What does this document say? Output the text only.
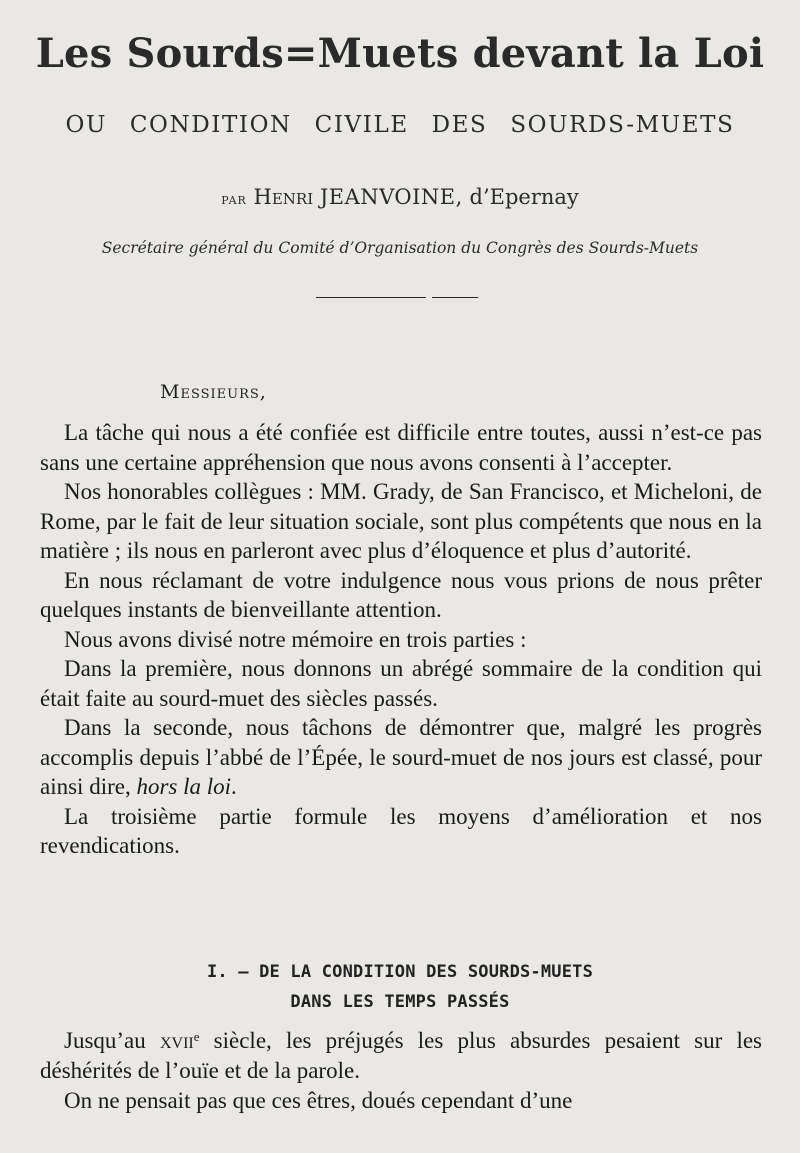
Les Sourds=Muets devant la Loi
OU CONDITION CIVILE DES SOURDS-MUETS
par Henri JEANVOINE, d’Epernay
Secrétaire général du Comité d’Organisation du Congrès des Sourds-Muets
Messieurs,

La tâche qui nous a été confiée est difficile entre toutes, aussi n’est-ce pas sans une certaine appréhension que nous avons consenti à l’accepter.

Nos honorables collègues : MM. Grady, de San Francisco, et Micheloni, de Rome, par le fait de leur situation sociale, sont plus compétents que nous en la matière ; ils nous en parleront avec plus d’éloquence et plus d’autorité.

En nous réclamant de votre indulgence nous vous prions de nous prêter quelques instants de bienveillante attention.

Nous avons divisé notre mémoire en trois parties :

Dans la première, nous donnons un abrégé sommaire de la condition qui était faite au sourd-muet des siècles passés.

Dans la seconde, nous tâchons de démontrer que, malgré les progrès accomplis depuis l’abbé de l’Épée, le sourd-muet de nos jours est classé, pour ainsi dire, hors la loi.

La troisième partie formule les moyens d’amélioration et nos revendications.

I. — DE LA CONDITION DES SOURDS-MUETS
DANS LES TEMPS PASSÉS

Jusqu’au xvii$^e$ siècle, les préjugés les plus absurdes pesaient sur les déshérités de l’ouïe et de la parole.

On ne pensait pas que ces êtres, doués cependant d’une
